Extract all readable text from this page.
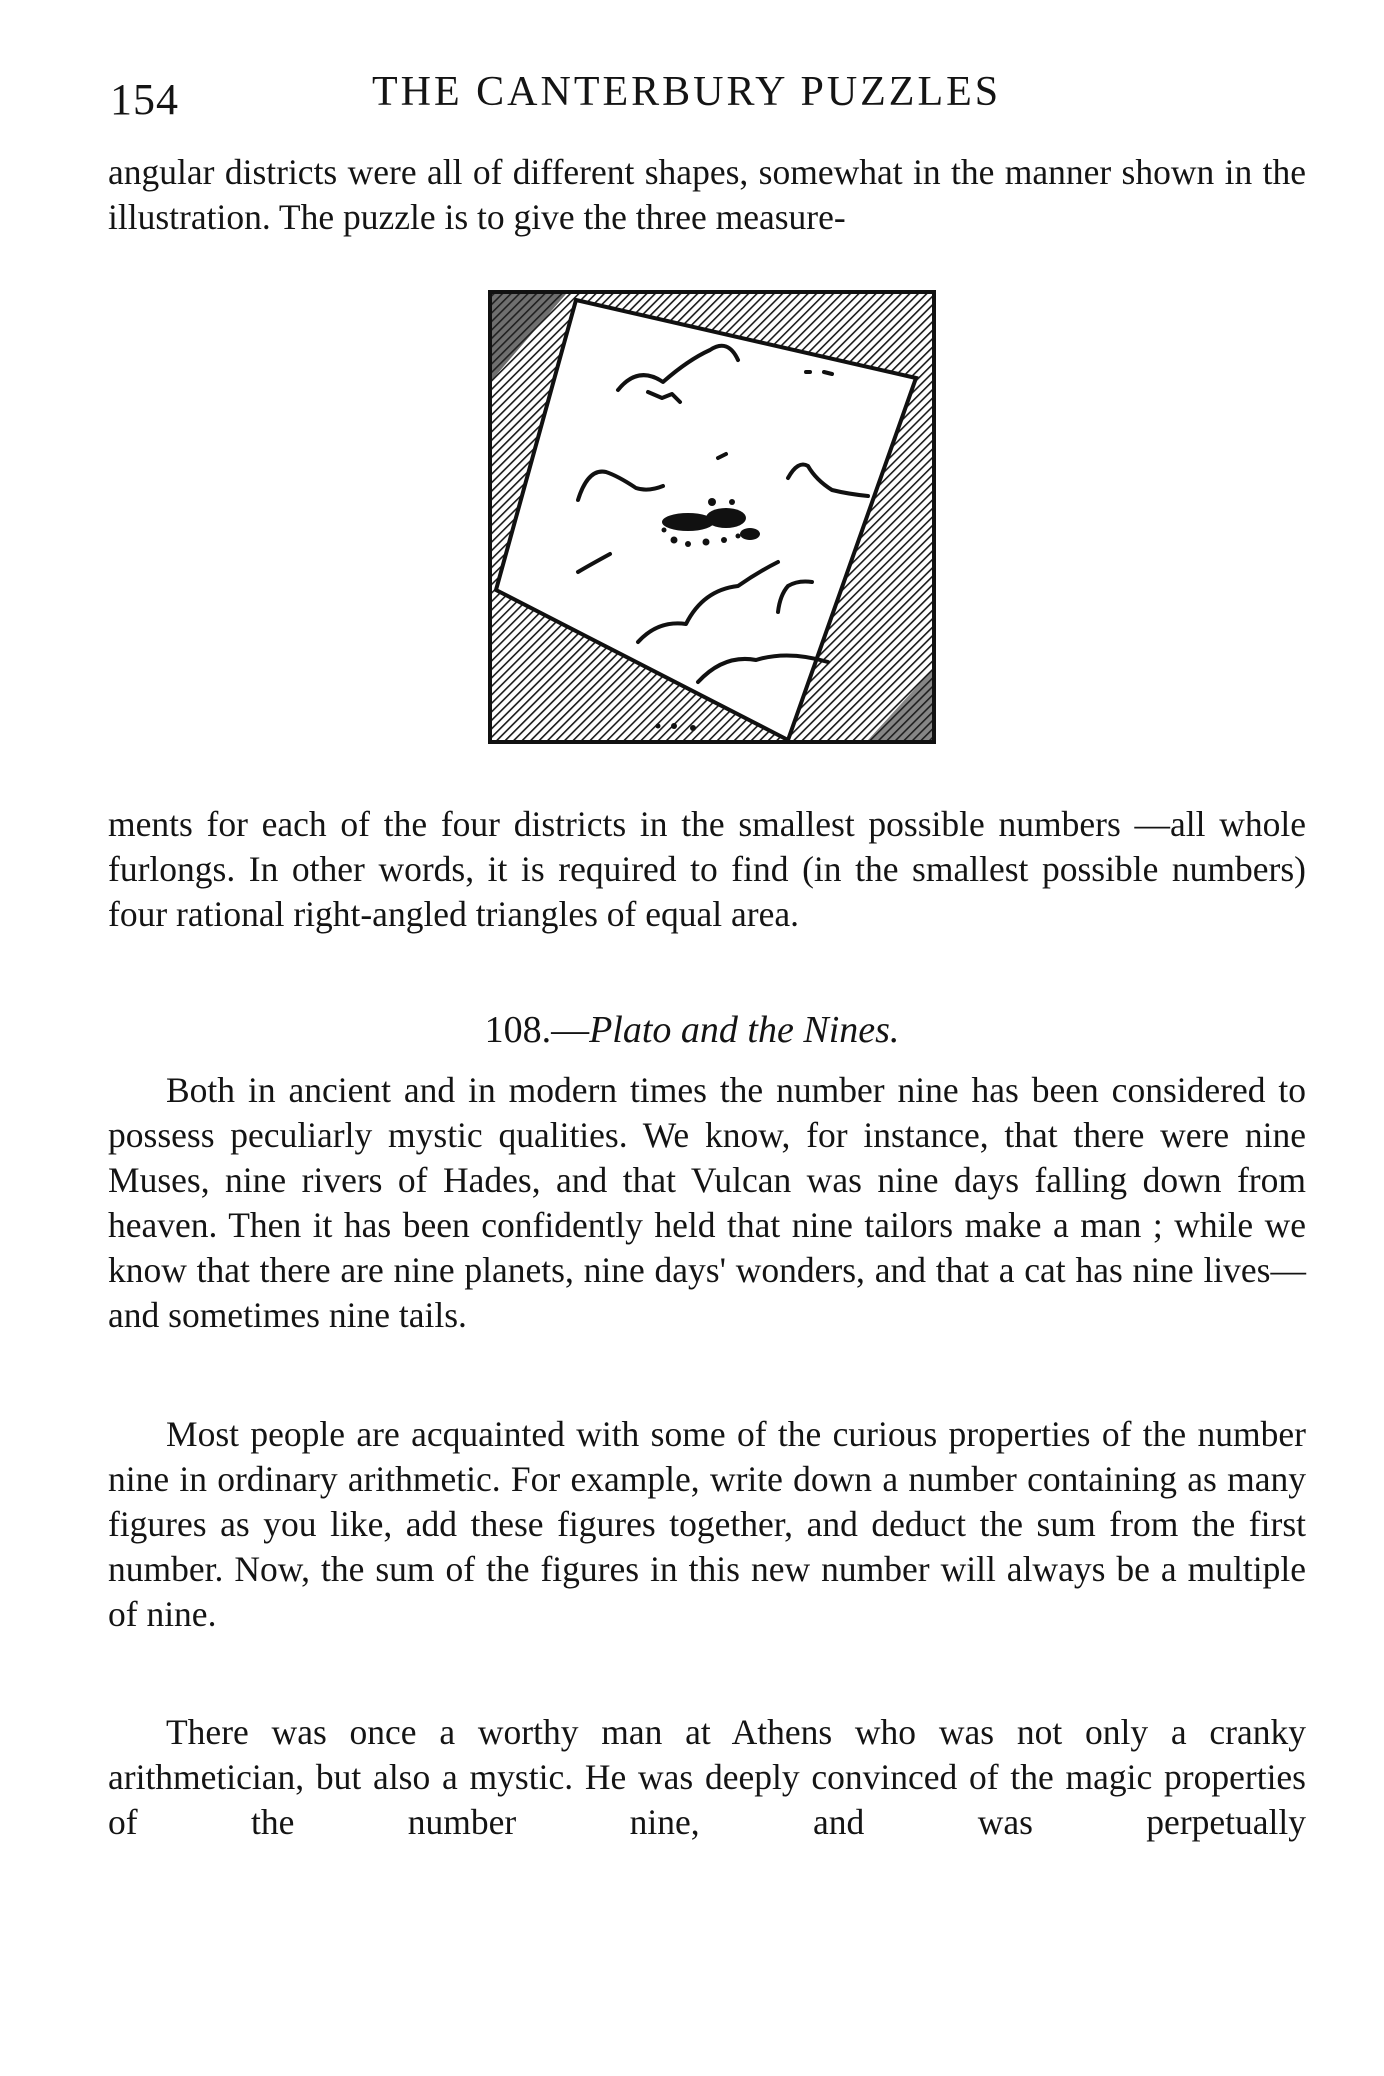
154	THE CANTERBURY PUZZLES

angular districts were all of different shapes, somewhat in the manner shown in the illustration. The puzzle is to give the three measure-

ments for each of the four districts in the smallest possible numbers —all whole furlongs. In other words, it is required to find (in the smallest possible numbers) four rational right-angled triangles of equal area.

108.—Plato and the Nines.

Both in ancient and in modern times the number nine has been considered to possess peculiarly mystic qualities. We know, for instance, that there were nine Muses, nine rivers of Hades, and that Vulcan was nine days falling down from heaven. Then it has been confidently held that nine tailors make a man ; while we know that there are nine planets, nine days' wonders, and that a cat has nine lives—and sometimes nine tails.

Most people are acquainted with some of the curious properties of the number nine in ordinary arithmetic. For example, write down a number containing as many figures as you like, add these figures together, and deduct the sum from the first number. Now, the sum of the figures in this new number will always be a multiple of nine.

There was once a worthy man at Athens who was not only a cranky arithmetician, but also a mystic. He was deeply convinced of the magic properties of the number nine, and was perpetually
